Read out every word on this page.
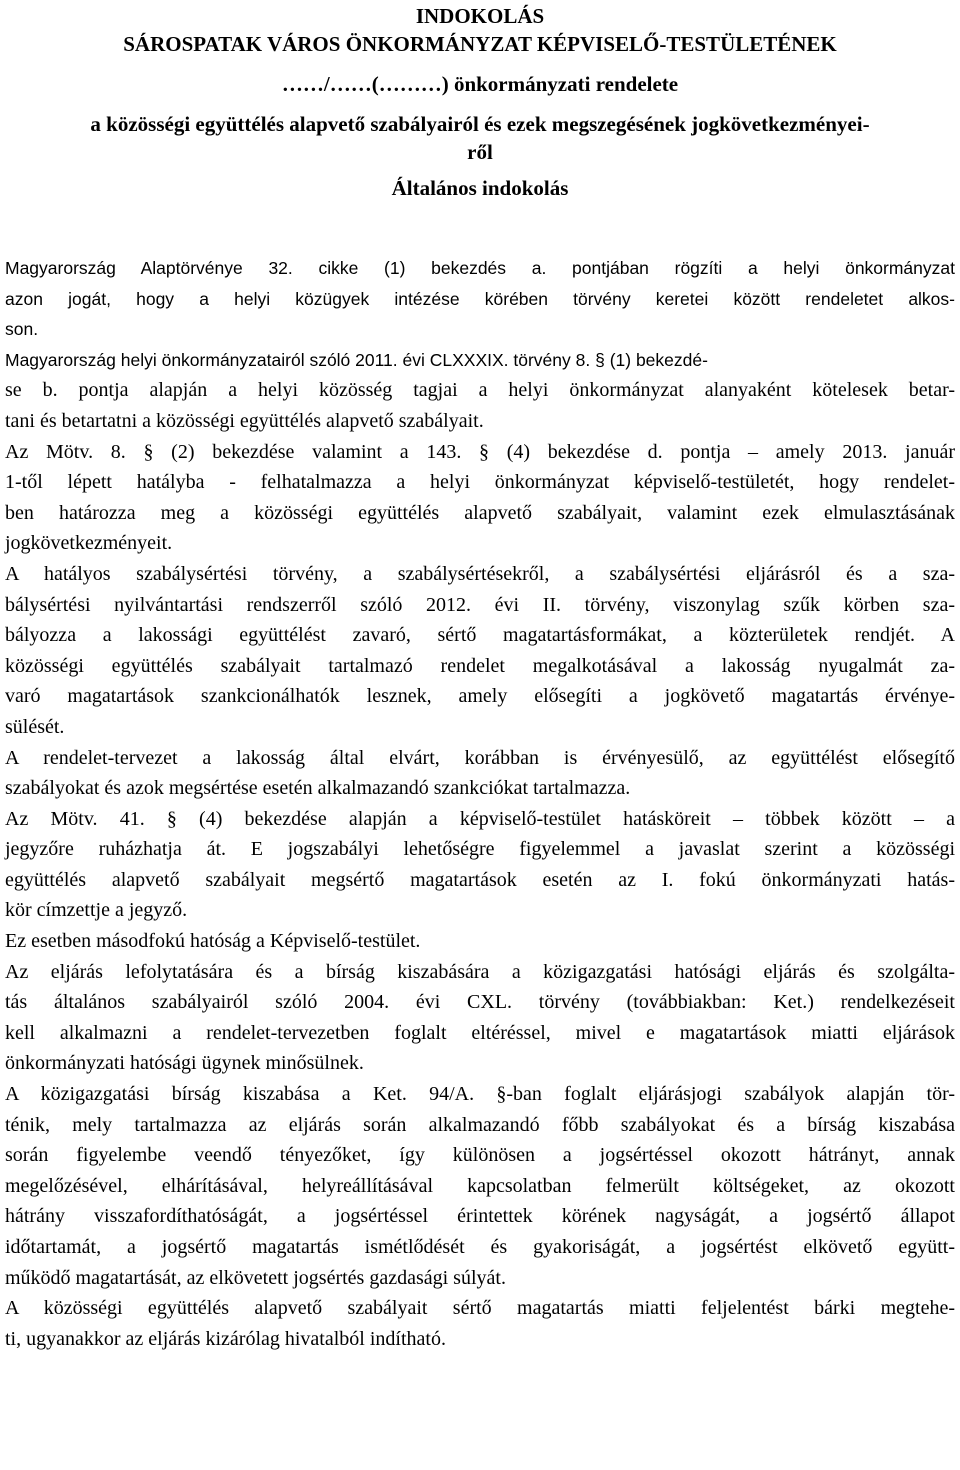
INDOKOLÁS
SÁROSPATAK VÁROS ÖNKORMÁNYZAT KÉPVISELŐ-TESTÜLETÉNEK
……/……(………) önkormányzati rendelete
a közösségi együttélés alapvető szabályairól és ezek megszegésének jogkövetkezményei-
ről
Általános indokolás

Magyarország Alaptörvénye 32. cikke (1) bekezdés a. pontjában rögzíti a helyi önkormányzat
azon jogát, hogy a helyi közügyek intézése körében törvény keretei között rendeletet alkos-
son.

Magyarország helyi önkormányzatairól szóló 2011. évi CLXXXIX. törvény 8. § (1) bekezdé-

se b. pontja alapján a helyi közösség tagjai a helyi önkormányzat alanyaként kötelesek betar-
tani és betartatni a közösségi együttélés alapvető szabályait.

Az Mötv. 8. § (2) bekezdése valamint a 143. § (4) bekezdése d. pontja – amely 2013. január
1-től lépett hatályba - felhatalmazza a helyi önkormányzat képviselő-testületét, hogy rendelet-
ben határozza meg a közösségi együttélés alapvető szabályait, valamint ezek elmulasztásának
jogkövetkezményeit.

A hatályos szabálysértési törvény, a szabálysértésekről, a szabálysértési eljárásról és a sza-
bálysértési nyilvántartási rendszerről szóló 2012. évi II. törvény, viszonylag szűk körben sza-
bályozza a lakossági együttélést zavaró, sértő magatartásformákat, a közterületek rendjét. A
közösségi együttélés szabályait tartalmazó rendelet megalkotásával a lakosság nyugalmát za-
varó magatartások szankcionálhatók lesznek, amely elősegíti a jogkövető magatartás érvénye-
sülését.

A rendelet-tervezet a lakosság által elvárt, korábban is érvényesülő, az együttélést elősegítő
szabályokat és azok megsértése esetén alkalmazandó szankciókat tartalmazza.

Az Mötv. 41. § (4) bekezdése alapján a képviselő-testület hatásköreit – többek között – a
jegyzőre ruházhatja át. E jogszabályi lehetőségre figyelemmel a javaslat szerint a közösségi
együttélés alapvető szabályait megsértő magatartások esetén az I. fokú önkormányzati hatás-
kör címzettje a jegyző.

Ez esetben másodfokú hatóság a Képviselő-testület.

Az eljárás lefolytatására és a bírság kiszabására a közigazgatási hatósági eljárás és szolgálta-
tás általános szabályairól szóló 2004. évi CXL. törvény (továbbiakban: Ket.) rendelkezéseit
kell alkalmazni a rendelet-tervezetben foglalt eltéréssel, mivel e magatartások miatti eljárások
önkormányzati hatósági ügynek minősülnek.

A közigazgatási bírság kiszabása a Ket. 94/A. §-ban foglalt eljárásjogi szabályok alapján tör-
ténik, mely tartalmazza az eljárás során alkalmazandó főbb szabályokat és a bírság kiszabása
során figyelembe veendő tényezőket, így különösen a jogsértéssel okozott hátrányt, annak
megelőzésével, elhárításával, helyreállításával kapcsolatban felmerült költségeket, az okozott
hátrány visszafordíthatóságát, a jogsértéssel érintettek körének nagyságát, a jogsértő állapot
időtartamát, a jogsértő magatartás ismétlődését és gyakoriságát, a jogsértést elkövető együtt-
működő magatartását, az elkövetett jogsértés gazdasági súlyát.

A közösségi együttélés alapvető szabályait sértő magatartás miatti feljelentést bárki megtehe-
ti, ugyanakkor az eljárás kizárólag hivatalból indítható.
